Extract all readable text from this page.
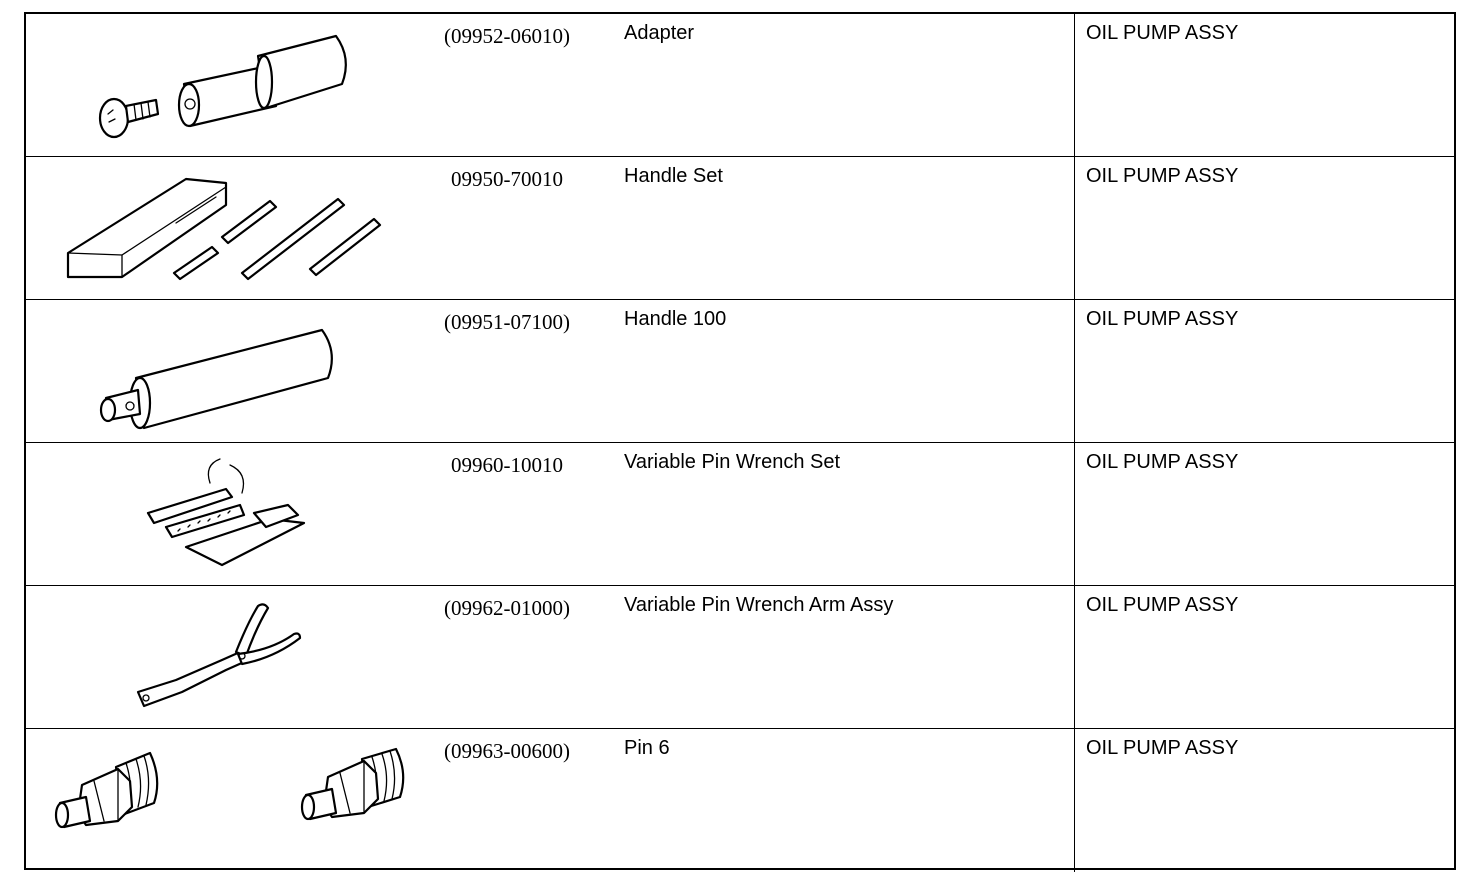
(09952-06010)	Adapter	OIL PUMP ASSY
09950-70010	Handle Set	OIL PUMP ASSY
(09951-07100)	Handle 100	OIL PUMP ASSY
09960-10010	Variable Pin Wrench Set	OIL PUMP ASSY
(09962-01000)	Variable Pin Wrench Arm Assy	OIL PUMP ASSY
(09963-00600)	Pin 6	OIL PUMP ASSY
